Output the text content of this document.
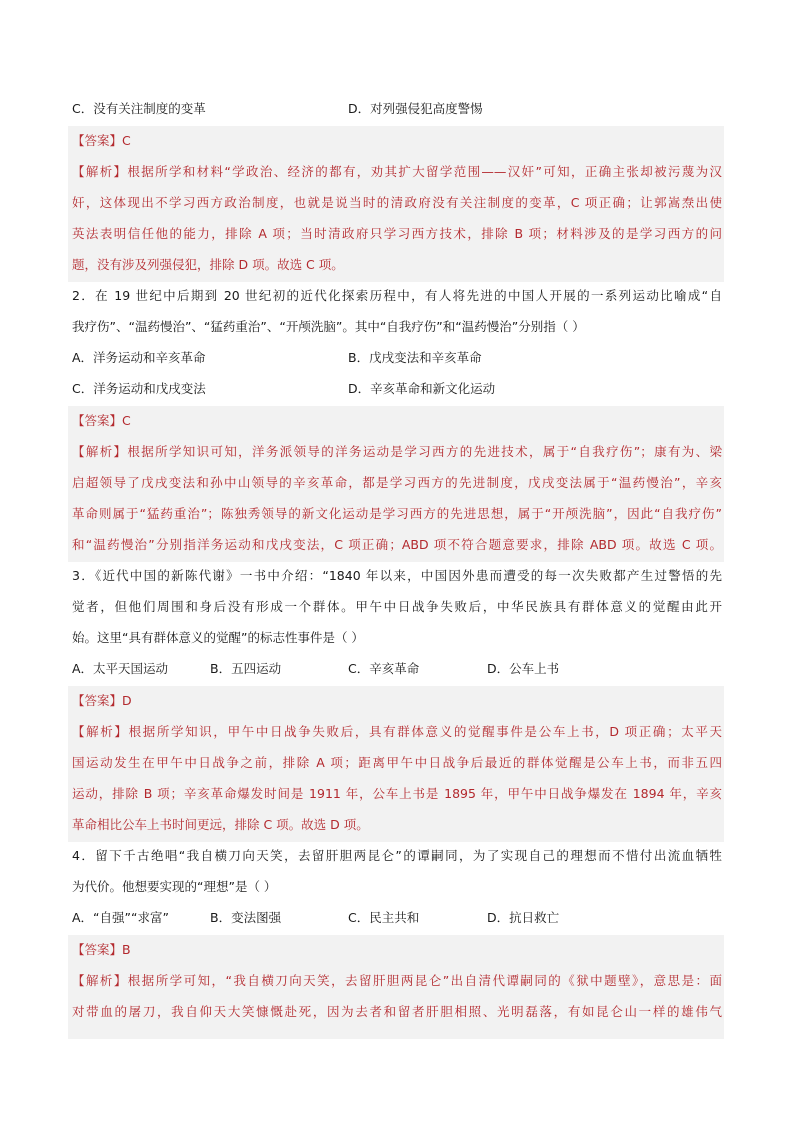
C．没有关注制度的变革	D．对列强侵犯高度警惕
【答案】C
【解析】根据所学和材料“学政治、经济的都有，劝其扩大留学范围——汉奸”可知，正确主张却被污蔑为汉
奸，这体现出不学习西方政治制度，也就是说当时的清政府没有关注制度的变革，C 项正确；让郭嵩焘出使
英法表明信任他的能力，排除 A 项；当时清政府只学习西方技术，排除 B 项；材料涉及的是学习西方的问
题，没有涉及列强侵犯，排除 D 项。故选 C 项。
2．在 19 世纪中后期到 20 世纪初的近代化探索历程中，有人将先进的中国人开展的一系列运动比喻成“自
我疗伤”、“温药慢治”、“猛药重治”、“开颅洗脑”。其中“自我疗伤”和“温药慢治”分别指（ ）
A．洋务运动和辛亥革命	B．戊戌变法和辛亥革命
C．洋务运动和戊戌变法	D．辛亥革命和新文化运动
【答案】C
【解析】根据所学知识可知，洋务派领导的洋务运动是学习西方的先进技术，属于“自我疗伤”；康有为、梁
启超领导了戊戌变法和孙中山领导的辛亥革命，都是学习西方的先进制度，戊戌变法属于“温药慢治”，辛亥
革命则属于“猛药重治”；陈独秀领导的新文化运动是学习西方的先进思想，属于“开颅洗脑”，因此“自我疗伤”
和“温药慢治”分别指洋务运动和戊戌变法，C 项正确；ABD 项不符合题意要求，排除 ABD 项。故选 C 项。
3．《近代中国的新陈代谢》一书中介绍：“1840 年以来，中国因外患而遭受的每一次失败都产生过警悟的先
觉者，但他们周围和身后没有形成一个群体。甲午中日战争失败后，中华民族具有群体意义的觉醒由此开
始。这里“具有群体意义的觉醒”的标志性事件是（ ）
A．太平天国运动	B．五四运动	C．辛亥革命	D．公车上书
【答案】D
【解析】根据所学知识，甲午中日战争失败后，具有群体意义的觉醒事件是公车上书，D 项正确；太平天
国运动发生在甲午中日战争之前，排除 A 项；距离甲午中日战争后最近的群体觉醒是公车上书，而非五四
运动，排除 B 项；辛亥革命爆发时间是 1911 年，公车上书是 1895 年，甲午中日战争爆发在 1894 年，辛亥
革命相比公车上书时间更远，排除 C 项。故选 D 项。
4．留下千古绝唱“我自横刀向天笑，去留肝胆两昆仑”的谭嗣同，为了实现自己的理想而不惜付出流血牺牲
为代价。他想要实现的“理想”是（ ）
A．“自强”“求富”	B．变法图强	C．民主共和	D．抗日救亡
【答案】B
【解析】根据所学可知，“我自横刀向天笑，去留肝胆两昆仑”出自清代谭嗣同的《狱中题壁》，意思是：面
对带血的屠刀，我自仰天大笑慷慨赴死，因为去者和留者肝胆相照、光明磊落，有如昆仑山一样的雄伟气
